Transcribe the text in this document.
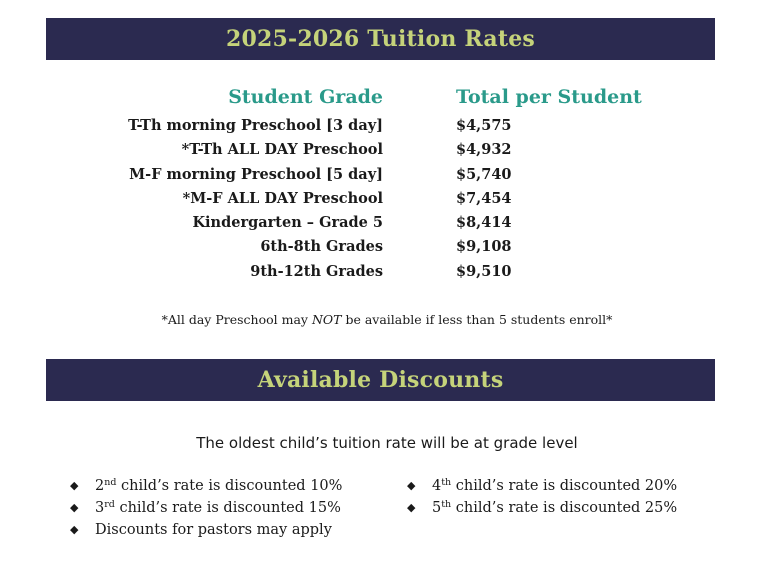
2025-2026 Tuition Rates
Student Grade	Total per Student
T-Th morning Preschool [3 day]	$4,575
*T-Th ALL DAY Preschool	$4,932
M-F morning Preschool [5 day]	$5,740
*M-F ALL DAY Preschool	$7,454
Kindergarten – Grade 5	$8,414
6th-8th Grades	$9,108
9th-12th Grades	$9,510
*All day Preschool may NOT be available if less than 5 students enroll*
Available Discounts
The oldest child’s tuition rate will be at grade level
◆ 2nd child’s rate is discounted 10%
◆ 3rd child’s rate is discounted 15%
◆ Discounts for pastors may apply
◆ 4th child’s rate is discounted 20%
◆ 5th child’s rate is discounted 25%
